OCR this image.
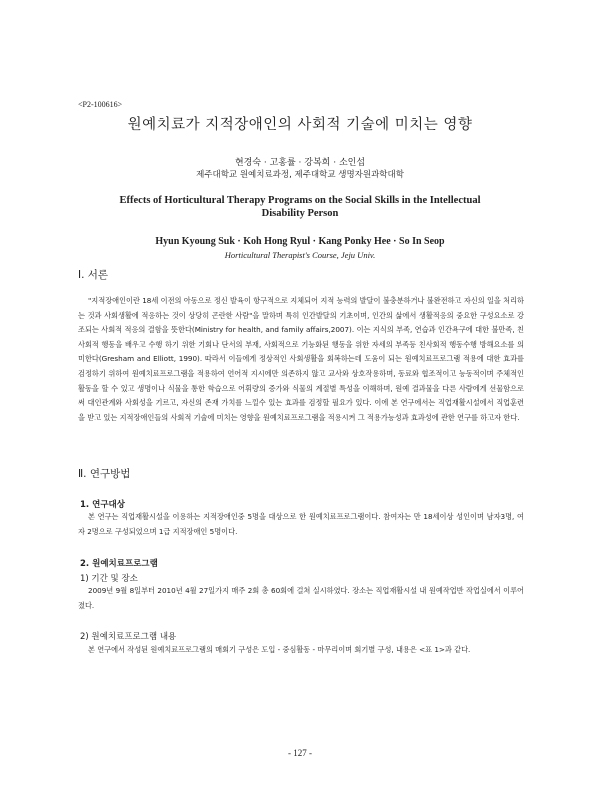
<P2-100616>
원예치료가 지적장애인의 사회적 기술에 미치는 영향
현경숙 · 고홍률 · 강복희 · 소인섭
제주대학교 원예치료과정, 제주대학교 생명자원과학대학
Effects of Horticultural Therapy Programs on the Social Skills in the Intellectual Disability Person
Hyun Kyoung Suk · Koh Hong Ryul · Kang Ponky Hee · So In Seop
Horticultural Therapist's Course, Jeju Univ.
Ⅰ. 서론
"지적장애인이란 18세 이전의 아동으로 정신 발육이 항구적으로 지체되어 지적 능력의 발달이 불충분하거나 불완전하고 자신의 일을 처리하는 것과 사회생활에 적응하는 것이 상당히 곤란한 사람"을 말하며 특히 인간발달의 기초이며, 인간의 삶에서 생활적응의 중요한 구성요소로 강조되는 사회적 적응의 결함을 뜻한다(Ministry for health, and family affairs,2007). 이는 지식의 부족, 연습과 인간욕구에 대한 불만족, 친사회적 행동을 배우고 수행 하기 위한 기회나 단서의 부재, 사회적으로 기능화된 행동을 위한 자세의 부족등 친사회적 행동수행 방해요소를 의미한다(Gresham and Elliott, 1990). 따라서 이들에게 정상적인 사회생활을 회복하는데 도움이 되는 원예치료프로그램 적용에 대한 효과를 검정하기 위하여 원예치료프로그램을 적용하여 언어적 지시에만 의존하지 않고 교사와 상호작용하며, 동료와 협조적이고 능동적이며 주체적인 활동을 할 수 있고 생명이나 식물을 통한 학습으로 어휘량의 증가와 식물의 계절별 특성을 이해하며, 원예 결과물을 다른 사람에게 선물함으로써 대인관계와 사회성을 기르고, 자신의 존재 가치를 느낄수 있는 효과를 검정할 필요가 있다. 이에 본 연구에서는 직업재활시설에서 직업훈련을 받고 있는 지적장애인들의 사회적 기술에 미치는 영향을 원예치료프로그램을 적용시켜 그 적용가능성과 효과성에 관한 연구를 하고자 한다.
Ⅱ. 연구방법
1. 연구대상
본 연구는 직업재활시설을 이용하는 지적장애인중 5명을 대상으로 한 원예치료프로그램이다. 참여자는 만 18세이상 성인이며 남자3명, 여자 2명으로 구성되었으며 1급 지적장애인 5명이다.
2. 원예치료프로그램
1) 기간 및 장소
2009년 9월 8일부터 2010년 4월 27일가지 매주 2회 총 60회에 걸쳐 실시하였다. 장소는 직업재활시설 내 원예작업반 작업실에서 이루어졌다.
2) 원예치료프로그램 내용
본 연구에서 작성된 원예치료프로그램의 매회기 구성은 도입 - 중심활동 - 마무리이며 회기별 구성, 내용은 <표 1>과 같다.
- 127 -
